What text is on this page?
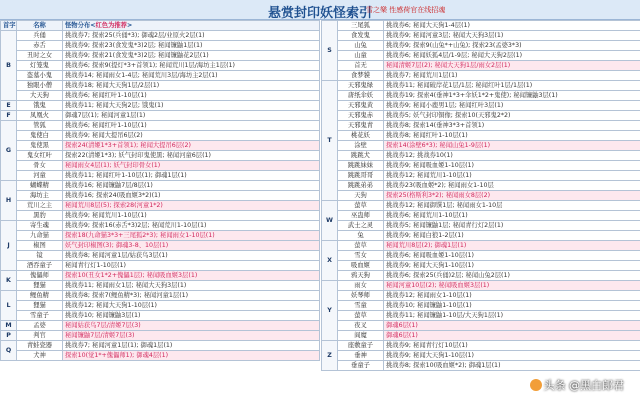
悬赏封印妖怪索引
雪之樂 性感荷官在线招魂
首字	名称	怪物分布<红色为推荐>
B	兵俑	挑战券7; 探索25(兵俑*3); 御魂2层/业原火2层(1)
	赤舌	挑战券9; 探索23(食发鬼*3)2层; 秘闻镰鼬1层(1)
	丑时之女	挑战券9; 探索21(食发鬼*3)2层; 秘闻镰鼬花2层(1)
	灯笼鬼	挑战券6; 探索9(提灯*3+首领1); 秘闻荒川1层/海坊主1层(1)
	盗墓小鬼	挑战券14; 秘闻雨女1-4层; 秘闻荒川3层/海坊主2层(1)
	独眼小僧	挑战券18; 秘闻大天狗1层/2层(1)
	大天狗	挑战券6; 秘闻红叶1-10层(1)
E	饿鬼	挑战券11; 秘闻大天狗2层; 饿鬼(1)
F	凤凰火	御魂7层(1); 秘闻河童1层(1)
G	管狐	挑战券6; 秘闻红叶1-10层(1)
	鬼使白	挑战券9; 秘闻大提吊6层(2)
	鬼使黑	探索24(清姬1*3+首领1); 秘闻大提吊6层(2)
	鬼女红叶	探索22(清姬1*3); 妖气封印鬼使黑; 秘闻河童6层(1)
	骨女	秘闻雨女4层(1); 妖气封印骨女(1)
	河童	挑战券11; 秘闻红叶1-10层(1); 御魂1层(1)
H	蝴蝶精	挑战券16; 秘闻镰鼬7层/8层(1)
	海坊主	挑战券16; 探索24(吸血姬3*2)(1)
	荒川之主	秘闻荒川8层(5); 探索28(河童1*2)
	黑豹	挑战券9; 秘闻荒川1-10层(1)
J	寄生魂	挑战券9; 探索16(赤舌*3)2层; 秘闻荒川1-10层(1)
	九命猫	探索18(九命猫3*3+三尾狐2*3); 秘闻雨女1-10层(1)
	椒图	妖气封印椒图(3); 御魂3-8、10层(1)
	镜	挑战券8; 秘闻河童1层/姑获鸟3层(1)
	酒吞童子	秘闻青行灯1-10层(1)
K	傀儡师	探索10(丑女1*2+傀儡1层); 秘闻吸血姬3层(1)
	狸猫	挑战券11; 秘闻雨女1层; 秘闻大天狗3层(1)
L	鲤鱼精	挑战券8; 探索7(鲤鱼精*3); 秘闻河童1层(1)
	狸猫	挑战券12; 秘闻大天狗1-10层(1)
	雪童子	挑战券10; 秘闻镰鼬3层(1)
M	孟婆	秘闻姑获鸟7层/清姬7层(3)
P	判官	秘闻镰鼬7层/清姬7层(3)
Q	青蛙瓷器	挑战券7; 秘闻河童1层(1); 御魂1层(1)
	犬神	探索10(觉1*+傀儡师1); 御魂4层(1)
S	三尾狐	挑战券6; 秘闻大天狗1-4层(1)
	食发鬼	挑战券9; 秘闻河童3层; 秘闻大天狗3层(1)
	山兔	挑战券9; 探索9(山兔*+山兔); 探索23(孟婆3*3)
	山童	挑战券6; 秘闻妖狐4层/1-9层; 秘闻大天狗2层(1)
	首无	秘闻清姬7层(2); 秘闻大天狗1层/雨女2层(1)
	食梦貘	挑战券7; 秘闻荒川1层(1)
T	天邪鬼绿	挑战券11; 秘闻破岸花1层/1层; 秘闻红叶1层/1层(1)
	唐纸伞妖	挑战券19; 探索4(垂神1*3+伞妖1*2+鬼使); 秘闻镰鼬3层(1)
	天邪鬼黄	挑战券9; 秘闻小鹿男1层; 秘闻红叶3层(1)
	天邪鬼赤	挑战券5; 妖气封印铜像; 探索10(天邪鬼2*2)
	天邪鬼青	挑战券8; 探索14(垂神3*3+首领1)
	桃花妖	挑战券8; 秘闻红叶1-10层(1)
	涂壁	探索14(涂壁6*3); 秘闻山兔1-9层(1)
	跳跳犬	挑战券12; 挑战券10(1)
	跳跳妹妹	挑战券9; 秘闻吸血姬1-10层(1)
	跳跳哥哥	挑战券12; 秘闻荒川1-10层(1)
	跳跳弟弟	挑战券23(吸血姬*2); 秘闻雨女1-10层
	天狗	探索25(格斯利3*2); 秘闻雨女8层(2)
W	萤草	挑战券12; 秘闻御馔1层; 秘闻雨女1-10层
	巫蛊师	挑战券6; 秘闻荒川1-10层(1)
	武士之灵	挑战券5; 秘闻镰鼬1层; 秘闻青行灯2层(1)
	兔	挑战券9; 秘闻白狼1-2层(1)
X	萤草	秘闻荒川8层(2); 御魂1层(1)
	雪女	挑战券6; 秘闻吸血姬1-10层(1)
	吸血姬	挑战券9; 秘闻大天狗1-10层(1)
	鸦天狗	挑战券6; 探索25(兵俑)2层; 秘闻山兔2层(1)
Y	雨女	秘闻河童10层(2); 秘闻吸血姬3层(1)
	妖琴师	挑战券12; 秘闻雨女1-10层(1)
	雪童	挑战券10; 秘闻镰鼬1-10层(1)
	萤草	挑战券11; 秘闻镰鼬1-10层/大天狗1层(1)
	夜叉	御魂6层(1)
	阎魔	御魂6层(1)
Z	座敷童子	挑战券9; 秘闻青行灯10层(1)
	垂神	挑战券9; 秘闻大天狗1-10层(1)
	垂童子	挑战券8; 探索10(吸血姬*2); 御魂1层(1)
头条 @黑白郎君
